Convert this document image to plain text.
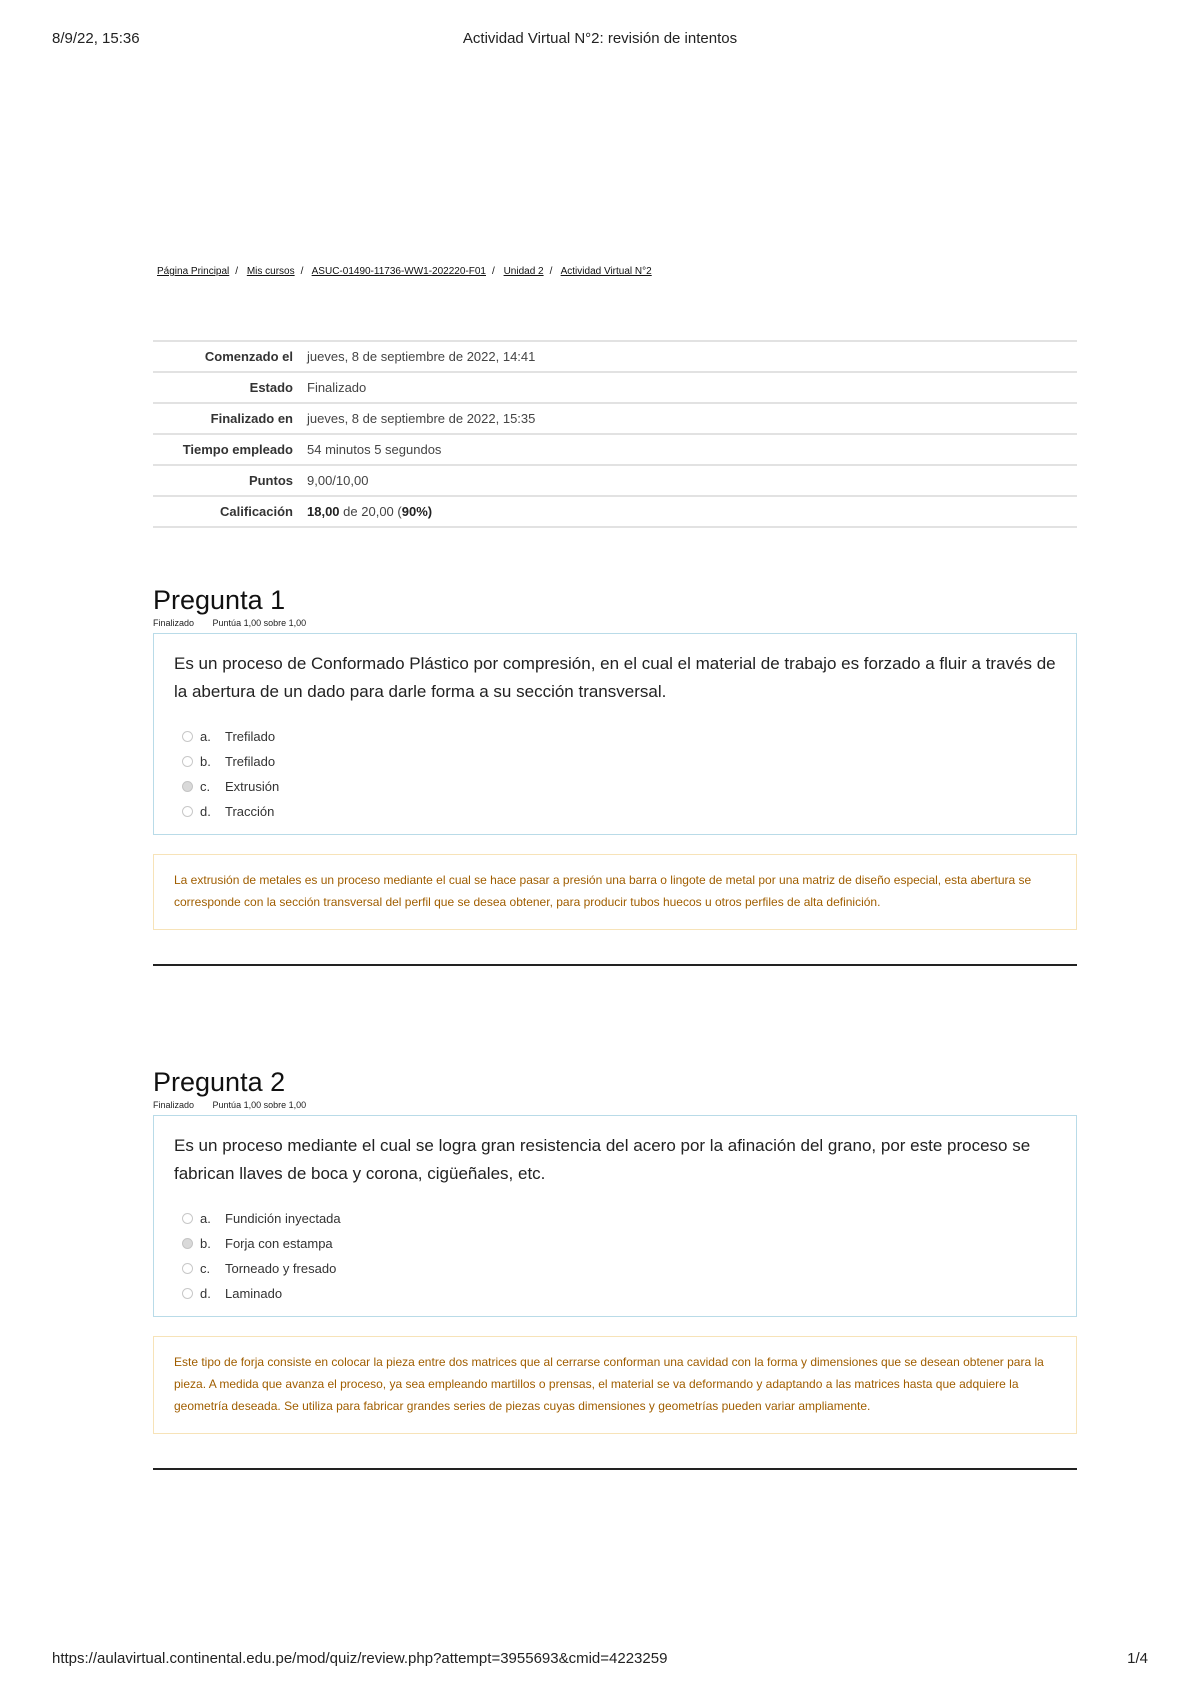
8/9/22, 15:36	Actividad Virtual N°2: revisión de intentos
Página Principal / Mis cursos / ASUC-01490-11736-WW1-202220-F01 / Unidad 2 / Actividad Virtual N°2
Comenzado el	jueves, 8 de septiembre de 2022, 14:41
Estado	Finalizado
Finalizado en	jueves, 8 de septiembre de 2022, 15:35
Tiempo empleado	54 minutos 5 segundos
Puntos	9,00/10,00
Calificación	18,00 de 20,00 (90%)
Pregunta 1
Finalizado Puntúa 1,00 sobre 1,00

Es un proceso de Conformado Plástico por compresión, en el cual el material de trabajo es forzado a fluir a través de la abertura de un dado para darle forma a su sección transversal.

a.	Trefilado
b.	Trefilado
c.	Extrusión
d.	Tracción
La extrusión de metales es un proceso mediante el cual se hace pasar a presión una barra o lingote de metal por una matriz de diseño especial, esta abertura se corresponde con la sección transversal del perfil que se desea obtener, para producir tubos huecos u otros perfiles de alta definición.
Pregunta 2
Finalizado Puntúa 1,00 sobre 1,00

Es un proceso mediante el cual se logra gran resistencia del acero por la afinación del grano, por este proceso se fabrican llaves de boca y corona, cigüeñales, etc.

a.	Fundición inyectada
b.	Forja con estampa
c.	Torneado y fresado
d.	Laminado
Este tipo de forja consiste en colocar la pieza entre dos matrices que al cerrarse conforman una cavidad con la forma y dimensiones que se desean obtener para la pieza. A medida que avanza el proceso, ya sea empleando martillos o prensas, el material se va deformando y adaptando a las matrices hasta que adquiere la geometría deseada. Se utiliza para fabricar grandes series de piezas cuyas dimensiones y geometrías pueden variar ampliamente.
https://aulavirtual.continental.edu.pe/mod/quiz/review.php?attempt=3955693&cmid=4223259	1/4
